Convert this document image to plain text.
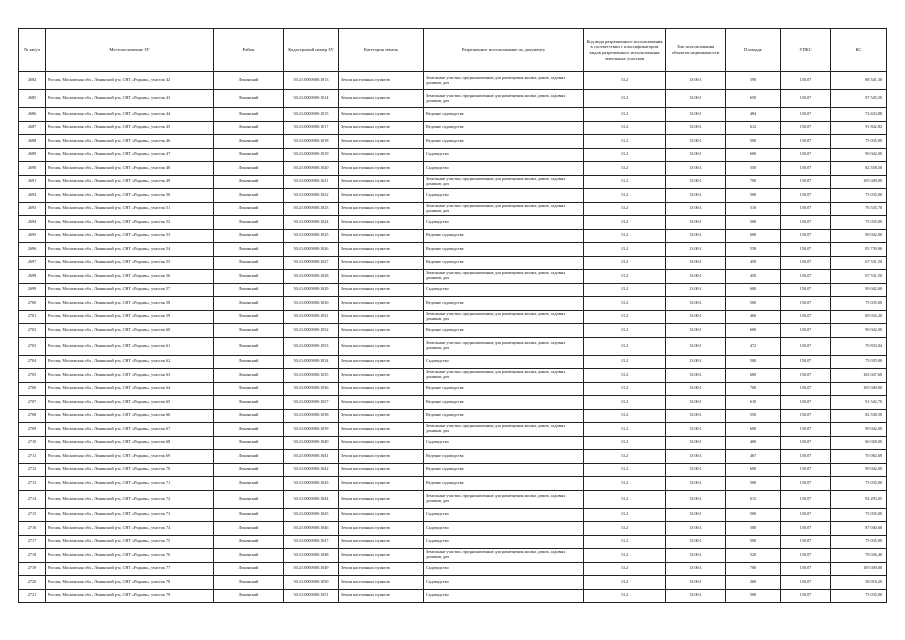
№ кв/уч	Местоположение ЗУ	Район	Кадастровый номер ЗУ	Категория земель	Разрешенное использование по документу	Код вида разрешенного использования в соответствии с классификатором видов разрешенного использования земельных участков	Тип использования объектов недвижимости	Площадь	УПКС	КС
2684	Россия, Московская обл., Ленинский р-н, СНТ «Родник», участок 42	Ленинский	50:21:0000000:1013	Земли населенных пунктов	Земельные участки, предназначенные для размещения жилых домов, садовых домиков, дач	13.2	13:00:1	590	150,07	88 541,30
2685	Россия, Московская обл., Ленинский р-н, СНТ «Родник», участок 43	Ленинский	50:21:0000000:1014	Земли населенных пунктов	Земельные участки, предназначенные для размещения жилых домов, садовых домиков, дач	13.2	13:00:1	650	150,07	97 545,50
2686	Россия, Московская обл., Ленинский р-н, СНТ «Родник», участок 44	Ленинский	50:21:0000000:1015	Земли населенных пунктов	Ведение садоводства	13.2	13:00:1	484	150,07	72 633,88
2687	Россия, Московская обл., Ленинский р-н, СНТ «Родник», участок 45	Ленинский	50:21:0000000:1017	Земли населенных пунктов	Ведение садоводства	13.2	13:00:1	612	150,07	91 842,84
2688	Россия, Московская обл., Ленинский р-н, СНТ «Родник», участок 46	Ленинский	50:21:0000000:1018	Земли населенных пунктов	Ведение садоводства	13.2	13:00:1	500	150,07	75 035,00
2689	Россия, Московская обл., Ленинский р-н, СНТ «Родник», участок 47	Ленинский	50:21:0000000:1019	Земли населенных пунктов	Садоводство	13.2	13:00:1	600	150,07	90 042,00
2690	Россия, Московская обл., Ленинский р-н, СНТ «Родник», участок 48	Ленинский	50:21:0000000:1020	Земли населенных пунктов	Садоводство	13.2	13:00:1	550	150,07	82 538,50
2691	Россия, Московская обл., Ленинский р-н, СНТ «Родник», участок 49	Ленинский	50:21:0000000:1021	Земли населенных пунктов	Земельные участки, предназначенные для размещения жилых домов, садовых домиков, дач	13.2	13:00:1	700	150,07	105 049,00
2692	Россия, Московская обл., Ленинский р-н, СНТ «Родник», участок 50	Ленинский	50:21:0000000:1022	Земли населенных пунктов	Садоводство	13.2	13:00:1	500	150,07	75 035,00
2693	Россия, Московская обл., Ленинский р-н, СНТ «Родник», участок 51	Ленинский	50:21:0000000:1023	Земли населенных пунктов	Земельные участки, предназначенные для размещения жилых домов, садовых домиков, дач	13.2	13:00:1	510	150,07	76 535,70
2694	Россия, Московская обл., Ленинский р-н, СНТ «Родник», участок 52	Ленинский	50:21:0000000:1024	Земли населенных пунктов	Садоводство	13.2	13:00:1	500	150,07	75 035,00
2695	Россия, Московская обл., Ленинский р-н, СНТ «Родник», участок 53	Ленинский	50:21:0000000:1025	Земли населенных пунктов	Ведение садоводства	13.2	13:00:1	600	150,07	90 042,00
2696	Россия, Московская обл., Ленинский р-н, СНТ «Родник», участок 54	Ленинский	50:21:0000000:1026	Земли населенных пунктов	Ведение садоводства	13.2	13:00:1	558	150,07	83 739,06
2697	Россия, Московская обл., Ленинский р-н, СНТ «Родник», участок 55	Ленинский	50:21:0000000:1027	Земли населенных пунктов	Ведение садоводства	13.2	13:00:1	450	150,07	67 531,50
2698	Россия, Московская обл., Ленинский р-н, СНТ «Родник», участок 56	Ленинский	50:21:0000000:1028	Земли населенных пунктов	Земельные участки, предназначенные для размещения жилых домов, садовых домиков, дач	13.2	13:00:1	450	150,07	67 531,50
2699	Россия, Московская обл., Ленинский р-н, СНТ «Родник», участок 57	Ленинский	50:21:0000000:1029	Земли населенных пунктов	Садоводство	13.2	13:00:1	600	150,07	90 042,00
2700	Россия, Московская обл., Ленинский р-н, СНТ «Родник», участок 58	Ленинский	50:21:0000000:1030	Земли населенных пунктов	Ведение садоводства	13.2	13:00:1	500	150,07	75 035,00
2701	Россия, Московская обл., Ленинский р-н, СНТ «Родник», участок 59	Ленинский	50:21:0000000:1031	Земли населенных пунктов	Земельные участки, предназначенные для размещения жилых домов, садовых домиков, дач	13.2	13:00:1	460	150,07	69 032,20
2702	Россия, Московская обл., Ленинский р-н, СНТ «Родник», участок 60	Ленинский	50:21:0000000:1032	Земли населенных пунктов	Ведение садоводства	13.2	13:00:1	600	150,07	90 042,00
2703	Россия, Московская обл., Ленинский р-н, СНТ «Родник», участок 61	Ленинский	50:21:0000000:1033	Земли населенных пунктов	Земельные участки, предназначенные для размещения жилых домов, садовых домиков, дач	13.2	13:00:1	472	150,07	70 833,04
2704	Россия, Московская обл., Ленинский р-н, СНТ «Родник», участок 62	Ленинский	50:21:0000000:1034	Земли населенных пунктов	Садоводство	13.2	13:00:1	500	150,07	75 035,00
2705	Россия, Московская обл., Ленинский р-н, СНТ «Родник», участок 63	Ленинский	50:21:0000000:1035	Земли населенных пунктов	Земельные участки, предназначенные для размещения жилых домов, садовых домиков, дач	13.2	13:00:1	680	150,07	102 047,60
2706	Россия, Московская обл., Ленинский р-н, СНТ «Родник», участок 64	Ленинский	50:21:0000000:1036	Земли населенных пунктов	Ведение садоводства	13.2	13:00:1	700	150,07	105 049,00
2707	Россия, Московская обл., Ленинский р-н, СНТ «Родник», участок 65	Ленинский	50:21:0000000:1037	Земли населенных пунктов	Ведение садоводства	13.2	13:00:1	610	150,07	91 542,70
2708	Россия, Московская обл., Ленинский р-н, СНТ «Родник», участок 66	Ленинский	50:21:0000000:1038	Земли населенных пунктов	Ведение садоводства	13.2	13:00:1	550	150,07	82 538,50
2709	Россия, Московская обл., Ленинский р-н, СНТ «Родник», участок 67	Ленинский	50:21:0000000:1039	Земли населенных пунктов	Земельные участки, предназначенные для размещения жилых домов, садовых домиков, дач	13.2	13:00:1	600	150,07	90 042,00
2710	Россия, Московская обл., Ленинский р-н, СНТ «Родник», участок 68	Ленинский	50:21:0000000:1040	Земли населенных пунктов	Садоводство	13.2	13:00:1	400	150,07	60 028,00
2711	Россия, Московская обл., Ленинский р-н, СНТ «Родник», участок 69	Ленинский	50:21:0000000:1041	Земли населенных пунктов	Ведение садоводства	13.2	13:00:1	467	150,07	70 082,69
2712	Россия, Московская обл., Ленинский р-н, СНТ «Родник», участок 70	Ленинский	50:21:0000000:1042	Земли населенных пунктов	Ведение садоводства	13.2	13:00:1	600	150,07	90 042,00
2713	Россия, Московская обл., Ленинский р-н, СНТ «Родник», участок 71	Ленинский	50:21:0000000:1043	Земли населенных пунктов	Ведение садоводства	13.2	13:00:1	500	150,07	75 035,00
2714	Россия, Московская обл., Ленинский р-н, СНТ «Родник», участок 72	Ленинский	50:21:0000000:1044	Земли населенных пунктов	Земельные участки, предназначенные для размещения жилых домов, садовых домиков, дач	13.2	13:00:1	615	150,07	92 293,05
2715	Россия, Московская обл., Ленинский р-н, СНТ «Родник», участок 73	Ленинский	50:21:0000000:1045	Земли населенных пунктов	Садоводство	13.2	13:00:1	500	150,07	75 035,00
2716	Россия, Московская обл., Ленинский р-н, СНТ «Родник», участок 74	Ленинский	50:21:0000000:1046	Земли населенных пунктов	Садоводство	13.2	13:00:1	580	150,07	87 040,60
2717	Россия, Московская обл., Ленинский р-н, СНТ «Родник», участок 75	Ленинский	50:21:0000000:1047	Земли населенных пунктов	Садоводство	13.2	13:00:1	500	150,07	75 035,00
2718	Россия, Московская обл., Ленинский р-н, СНТ «Родник», участок 76	Ленинский	50:21:0000000:1048	Земли населенных пунктов	Земельные участки, предназначенные для размещения жилых домов, садовых домиков, дач	13.2	13:00:1	520	150,07	78 036,40
2719	Россия, Московская обл., Ленинский р-н, СНТ «Родник», участок 77	Ленинский	50:21:0000000:1049	Земли населенных пунктов	Садоводство	13.2	13:00:1	700	150,07	105 049,00
2720	Россия, Московская обл., Ленинский р-н, СНТ «Родник», участок 78	Ленинский	50:21:0000000:1050	Земли населенных пунктов	Садоводство	13.2	13:00:1	260	150,07	39 018,20
2721	Россия, Московская обл., Ленинский р-н, СНТ «Родник», участок 79	Ленинский	50:21:0000000:1051	Земли населенных пунктов	Садоводство	13.2	13:00:1	500	150,07	75 035,00
